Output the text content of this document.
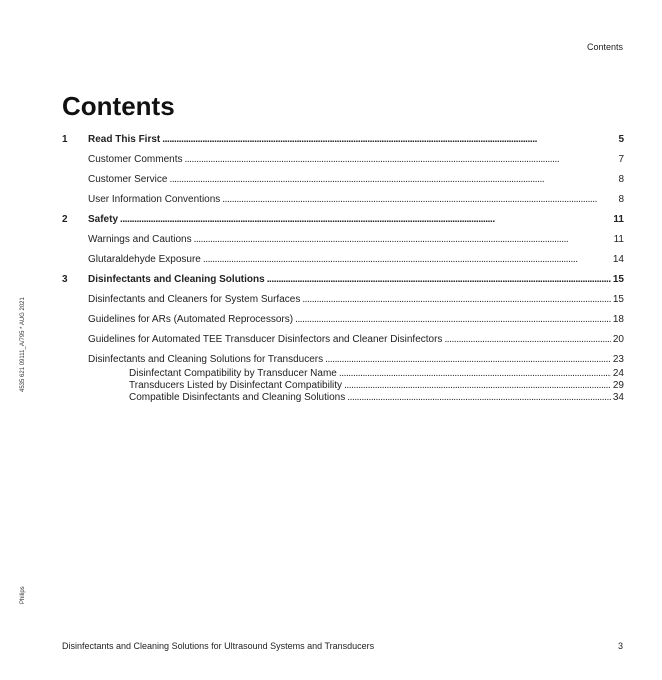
Contents
Contents
1	Read This First . . .	5
Customer Comments . . .	7
Customer Service . . .	8
User Information Conventions . . .	8
2	Safety . . .	11
Warnings and Cautions . . .	11
Glutaraldehyde Exposure . . .	14
3	Disinfectants and Cleaning Solutions . . .	15
Disinfectants and Cleaners for System Surfaces . . .	15
Guidelines for ARs (Automated Reprocessors) . . .	18
Guidelines for Automated TEE Transducer Disinfectors and Cleaner Disinfectors . . .	20
Disinfectants and Cleaning Solutions for Transducers . . .	23
Disinfectant Compatibility by Transducer Name . . .	24
Transducers Listed by Disinfectant Compatibility . . .	29
Compatible Disinfectants and Cleaning Solutions . . .	34
4535 621 09111_A/795 * AUG 2021
Philips
Disinfectants and Cleaning Solutions for Ultrasound Systems and Transducers	3
